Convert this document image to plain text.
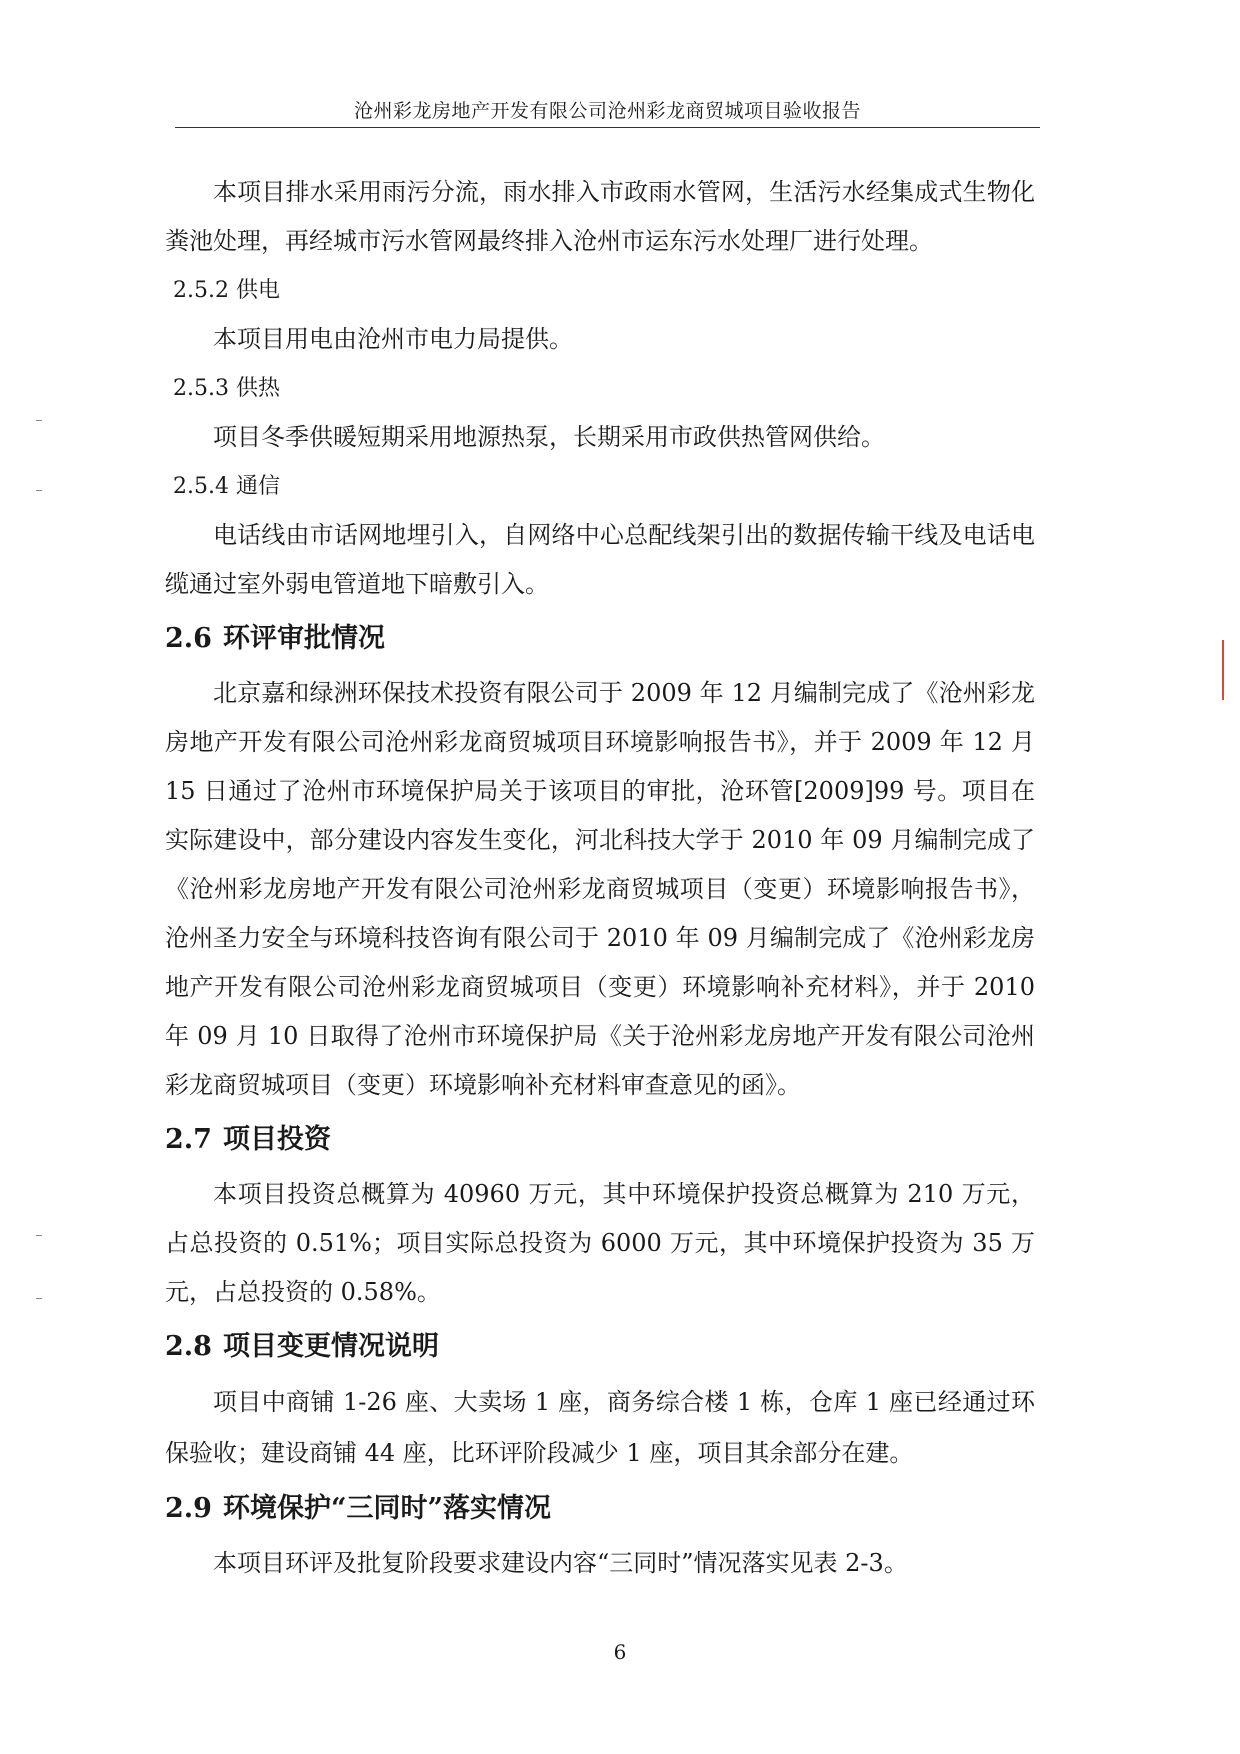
沧州彩龙房地产开发有限公司沧州彩龙商贸城项目验收报告

本项目排水采用雨污分流，雨水排入市政雨水管网，生活污水经集成式生物化粪池处理，再经城市污水管网最终排入沧州市运东污水处理厂进行处理。

2.5.2 供电

本项目用电由沧州市电力局提供。

2.5.3 供热

项目冬季供暖短期采用地源热泵，长期采用市政供热管网供给。

2.5.4 通信

电话线由市话网地埋引入，自网络中心总配线架引出的数据传输干线及电话电缆通过室外弱电管道地下暗敷引入。

2.6 环评审批情况

北京嘉和绿洲环保技术投资有限公司于 2009 年 12 月编制完成了《沧州彩龙房地产开发有限公司沧州彩龙商贸城项目环境影响报告书》，并于 2009 年 12 月 15 日通过了沧州市环境保护局关于该项目的审批，沧环管[2009]99 号。项目在实际建设中，部分建设内容发生变化，河北科技大学于 2010 年 09 月编制完成了《沧州彩龙房地产开发有限公司沧州彩龙商贸城项目（变更）环境影响报告书》，沧州圣力安全与环境科技咨询有限公司于 2010 年 09 月编制完成了《沧州彩龙房地产开发有限公司沧州彩龙商贸城项目（变更）环境影响补充材料》，并于 2010 年 09 月 10 日取得了沧州市环境保护局《关于沧州彩龙房地产开发有限公司沧州彩龙商贸城项目（变更）环境影响补充材料审查意见的函》。

2.7 项目投资

本项目投资总概算为 40960 万元，其中环境保护投资总概算为 210 万元，占总投资的 0.51%；项目实际总投资为 6000 万元，其中环境保护投资为 35 万元，占总投资的 0.58%。

2.8 项目变更情况说明

项目中商铺 1-26 座、大卖场 1 座，商务综合楼 1 栋，仓库 1 座已经通过环保验收；建设商铺 44 座，比环评阶段减少 1 座，项目其余部分在建。

2.9 环境保护“三同时”落实情况

本项目环评及批复阶段要求建设内容“三同时”情况落实见表 2-3。

6
